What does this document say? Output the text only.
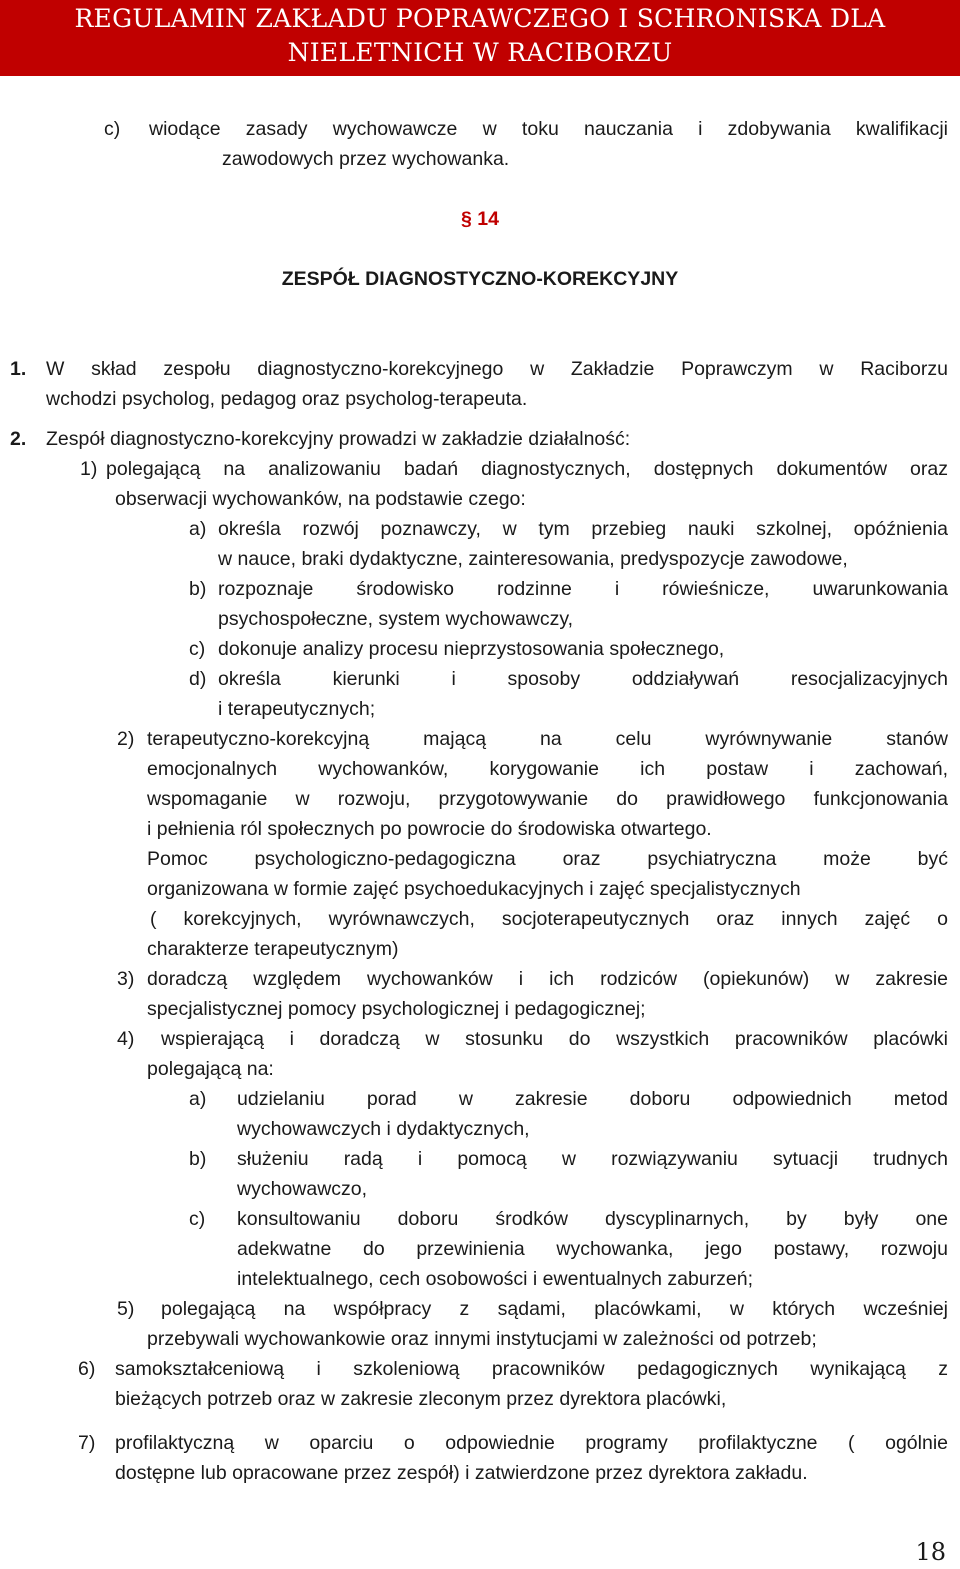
REGULAMIN ZAKŁADU POPRAWCZEGO I SCHRONISKA DLA
NIELETNICH W RACIBORZU
c) wiodące zasady wychowawcze w toku nauczania i zdobywania kwalifikacji
zawodowych przez wychowanka.
§ 14
ZESPÓŁ DIAGNOSTYCZNO-KOREKCYJNY
1. W skład zespołu diagnostyczno-korekcyjnego w Zakładzie Poprawczym w Raciborzu
wchodzi psycholog, pedagog oraz psycholog-terapeuta.
2. Zespół diagnostyczno-korekcyjny prowadzi w zakładzie działalność:
1) polegającą na analizowaniu badań diagnostycznych, dostępnych dokumentów oraz
obserwacji wychowanków, na podstawie czego:
a) określa rozwój poznawczy, w tym przebieg nauki szkolnej, opóźnienia
w nauce, braki dydaktyczne, zainteresowania, predyspozycje zawodowe,
b) rozpoznaje środowisko rodzinne i rówieśnicze, uwarunkowania
psychospołeczne, system wychowawczy,
c) dokonuje analizy procesu nieprzystosowania społecznego,
d) określa kierunki i sposoby oddziaływań resocjalizacyjnych
i terapeutycznych;
2) terapeutyczno-korekcyjną mającą na celu wyrównywanie stanów
emocjonalnych wychowanków, korygowanie ich postaw i zachowań,
wspomaganie w rozwoju, przygotowywanie do prawidłowego funkcjonowania
i pełnienia ról społecznych po powrocie do środowiska otwartego.
Pomoc psychologiczno-pedagogiczna oraz psychiatryczna może być
organizowana w formie zajęć psychoedukacyjnych i zajęć specjalistycznych
( korekcyjnych, wyrównawczych, socjoterapeutycznych oraz innych zajęć o
charakterze terapeutycznym)
3) doradczą względem wychowanków i ich rodziców (opiekunów) w zakresie
specjalistycznej pomocy psychologicznej i pedagogicznej;
4) wspierającą i doradczą w stosunku do wszystkich pracowników placówki
polegającą na:
a) udzielaniu porad w zakresie doboru odpowiednich metod
wychowawczych i dydaktycznych,
b) służeniu radą i pomocą w rozwiązywaniu sytuacji trudnych
wychowawczo,
c) konsultowaniu doboru środków dyscyplinarnych, by były one
adekwatne do przewinienia wychowanka, jego postawy, rozwoju
intelektualnego, cech osobowości i ewentualnych zaburzeń;
5) polegającą na współpracy z sądami, placówkami, w których wcześniej
przebywali wychowankowie oraz innymi instytucjami w zależności od potrzeb;
6) samokształceniową i szkoleniową pracowników pedagogicznych wynikającą z
bieżących potrzeb oraz w zakresie zleconym przez dyrektora placówki,
7) profilaktyczną w oparciu o odpowiednie programy profilaktyczne ( ogólnie
dostępne lub opracowane przez zespół) i zatwierdzone przez dyrektora zakładu.
18
